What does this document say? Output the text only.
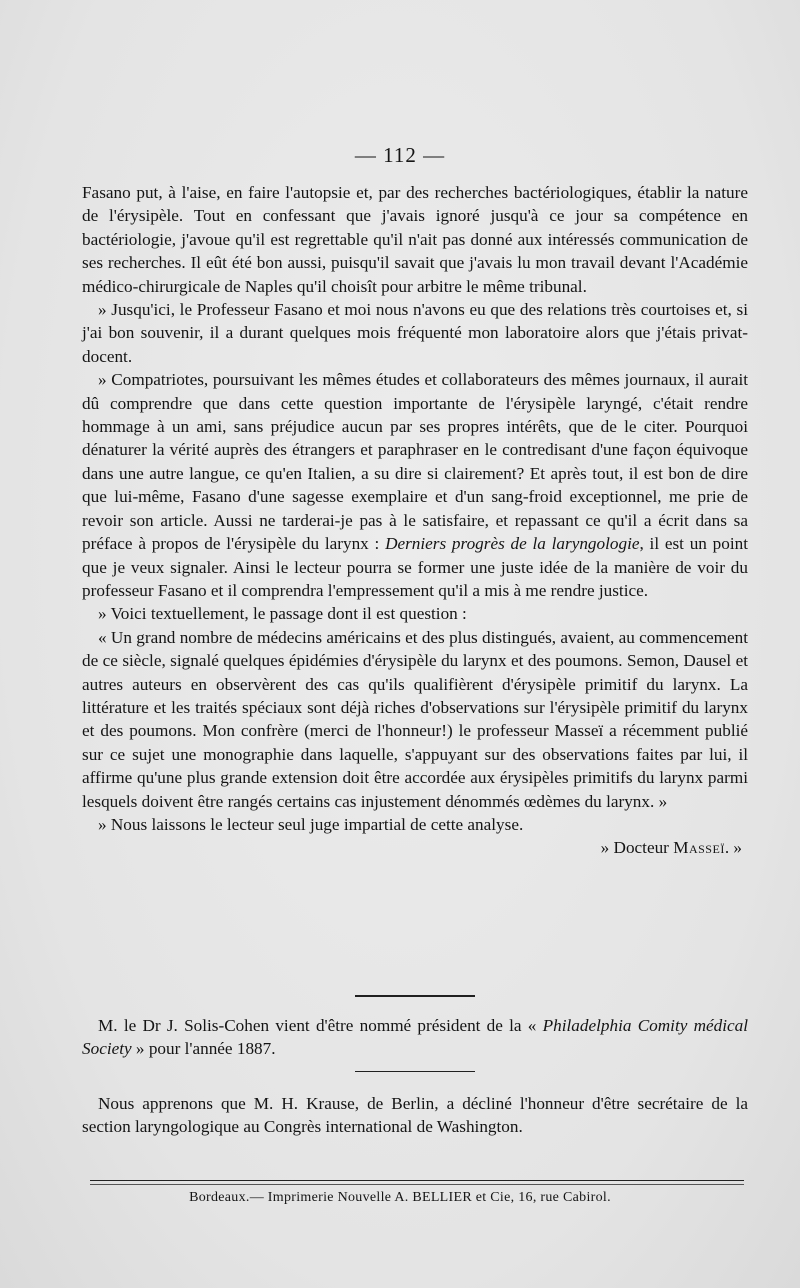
— 112 —

Fasano put, à l'aise, en faire l'autopsie et, par des recherches bactériologiques, établir la nature de l'érysipèle. Tout en confessant que j'avais ignoré jusqu'à ce jour sa compétence en bactériologie, j'avoue qu'il est regrettable qu'il n'ait pas donné aux intéressés communication de ses recherches. Il eût été bon aussi, puisqu'il savait que j'avais lu mon travail devant l'Académie médico-chirurgicale de Naples qu'il choisît pour arbitre le même tribunal.

» Jusqu'ici, le Professeur Fasano et moi nous n'avons eu que des relations très courtoises et, si j'ai bon souvenir, il a durant quelques mois fréquenté mon laboratoire alors que j'étais privat-docent.

» Compatriotes, poursuivant les mêmes études et collaborateurs des mêmes journaux, il aurait dû comprendre que dans cette question importante de l'érysipèle laryngé, c'était rendre hommage à un ami, sans préjudice aucun par ses propres intérêts, que de le citer. Pourquoi dénaturer la vérité auprès des étrangers et paraphraser en le contredisant d'une façon équivoque dans une autre langue, ce qu'en Italien, a su dire si clairement? Et après tout, il est bon de dire que lui-même, Fasano d'une sagesse exemplaire et d'un sang-froid exceptionnel, me prie de revoir son article. Aussi ne tarderai-je pas à le satisfaire, et repassant ce qu'il a écrit dans sa préface à propos de l'érysipèle du larynx : Derniers progrès de la laryngologie, il est un point que je veux signaler. Ainsi le lecteur pourra se former une juste idée de la manière de voir du professeur Fasano et il comprendra l'empressement qu'il a mis à me rendre justice.

» Voici textuellement, le passage dont il est question :

« Un grand nombre de médecins américains et des plus distingués, avaient, au commencement de ce siècle, signalé quelques épidémies d'érysipèle du larynx et des poumons. Semon, Dausel et autres auteurs en observèrent des cas qu'ils qualifièrent d'érysipèle primitif du larynx. La littérature et les traités spéciaux sont déjà riches d'observations sur l'érysipèle primitif du larynx et des poumons. Mon confrère (merci de l'honneur!) le professeur Masseï a récemment publié sur ce sujet une monographie dans laquelle, s'appuyant sur des observations faites par lui, il affirme qu'une plus grande extension doit être accordée aux érysipèles primitifs du larynx parmi lesquels doivent être rangés certains cas injustement dénommés œdèmes du larynx. »

» Nous laissons le lecteur seul juge impartial de cette analyse.

» Docteur Masseï. »

M. le Dr J. Solis-Cohen vient d'être nommé président de la « Philadelphia Comity médical Society » pour l'année 1887.

Nous apprenons que M. H. Krause, de Berlin, a décliné l'honneur d'être secrétaire de la section laryngologique au Congrès international de Washington.

Bordeaux.— Imprimerie Nouvelle A. BELLIER et Cie, 16, rue Cabirol.
